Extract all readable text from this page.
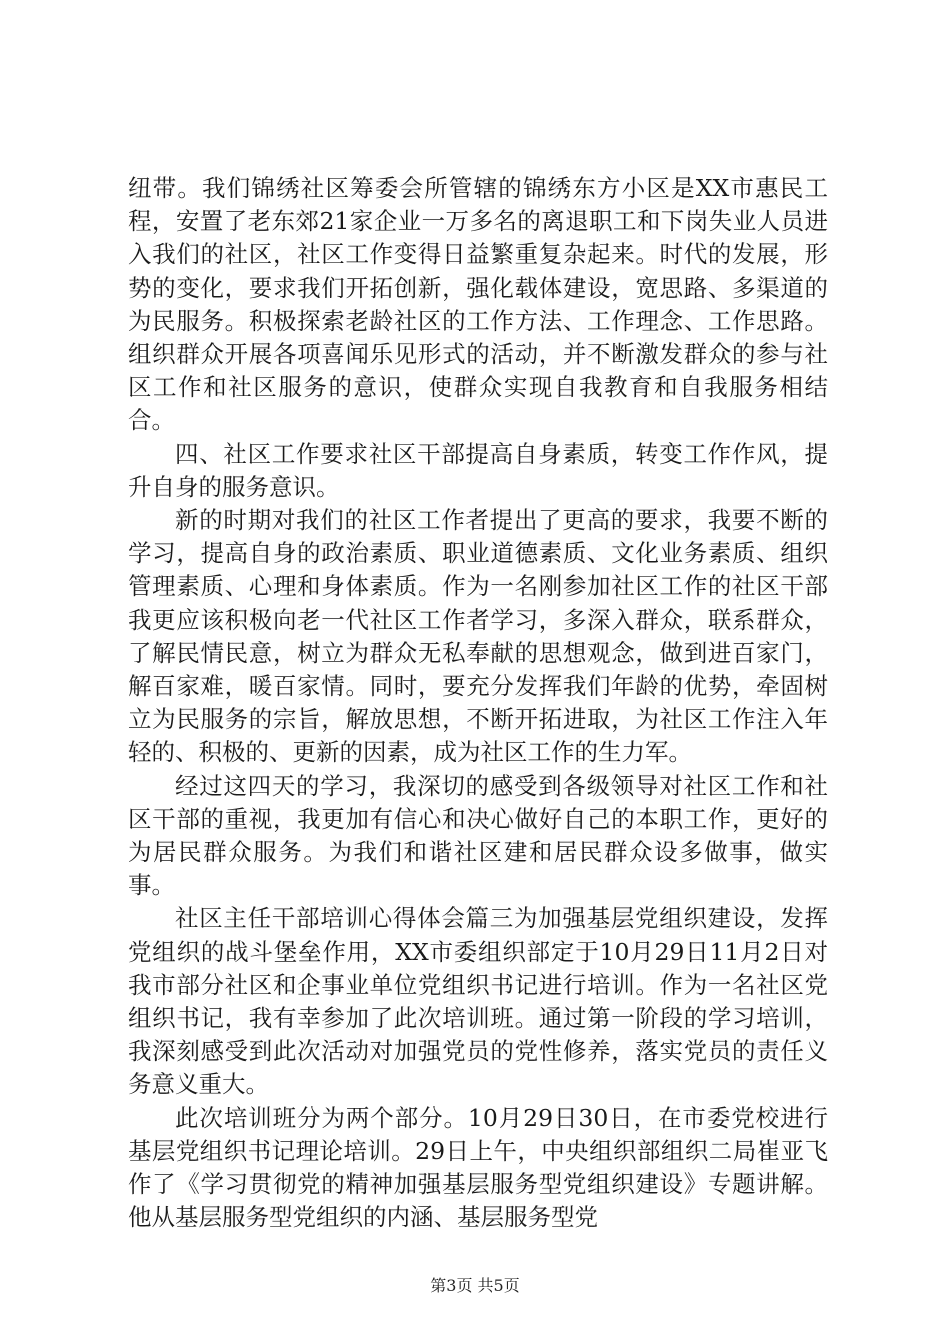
纽带。我们锦绣社区筹委会所管辖的锦绣东方小区是XX市惠民工程，安置了老东郊21家企业一万多名的离退职工和下岗失业人员进入我们的社区，社区工作变得日益繁重复杂起来。时代的发展，形势的变化，要求我们开拓创新，强化载体建设，宽思路、多渠道的为民服务。积极探索老龄社区的工作方法、工作理念、工作思路。组织群众开展各项喜闻乐见形式的活动，并不断激发群众的参与社区工作和社区服务的意识，使群众实现自我教育和自我服务相结合。

四、社区工作要求社区干部提高自身素质，转变工作作风，提升自身的服务意识。

新的时期对我们的社区工作者提出了更高的要求，我要不断的学习，提高自身的政治素质、职业道德素质、文化业务素质、组织管理素质、心理和身体素质。作为一名刚参加社区工作的社区干部我更应该积极向老一代社区工作者学习，多深入群众，联系群众，了解民情民意，树立为群众无私奉献的思想观念，做到进百家门，解百家难，暖百家情。同时，要充分发挥我们年龄的优势，牵固树立为民服务的宗旨，解放思想，不断开拓进取，为社区工作注入年轻的、积极的、更新的因素，成为社区工作的生力军。

经过这四天的学习，我深切的感受到各级领导对社区工作和社区干部的重视，我更加有信心和决心做好自己的本职工作，更好的为居民群众服务。为我们和谐社区建和居民群众设多做事，做实事。

社区主任干部培训心得体会篇三为加强基层党组织建设，发挥党组织的战斗堡垒作用，XX市委组织部定于10月29日11月2日对我市部分社区和企事业单位党组织书记进行培训。作为一名社区党组织书记，我有幸参加了此次培训班。通过第一阶段的学习培训，我深刻感受到此次活动对加强党员的党性修养，落实党员的责任义务意义重大。

此次培训班分为两个部分。10月29日30日，在市委党校进行基层党组织书记理论培训。29日上午，中央组织部组织二局崔亚飞作了《学习贯彻党的精神加强基层服务型党组织建设》专题讲解。他从基层服务型党组织的内涵、基层服务型党

第3页 共5页
